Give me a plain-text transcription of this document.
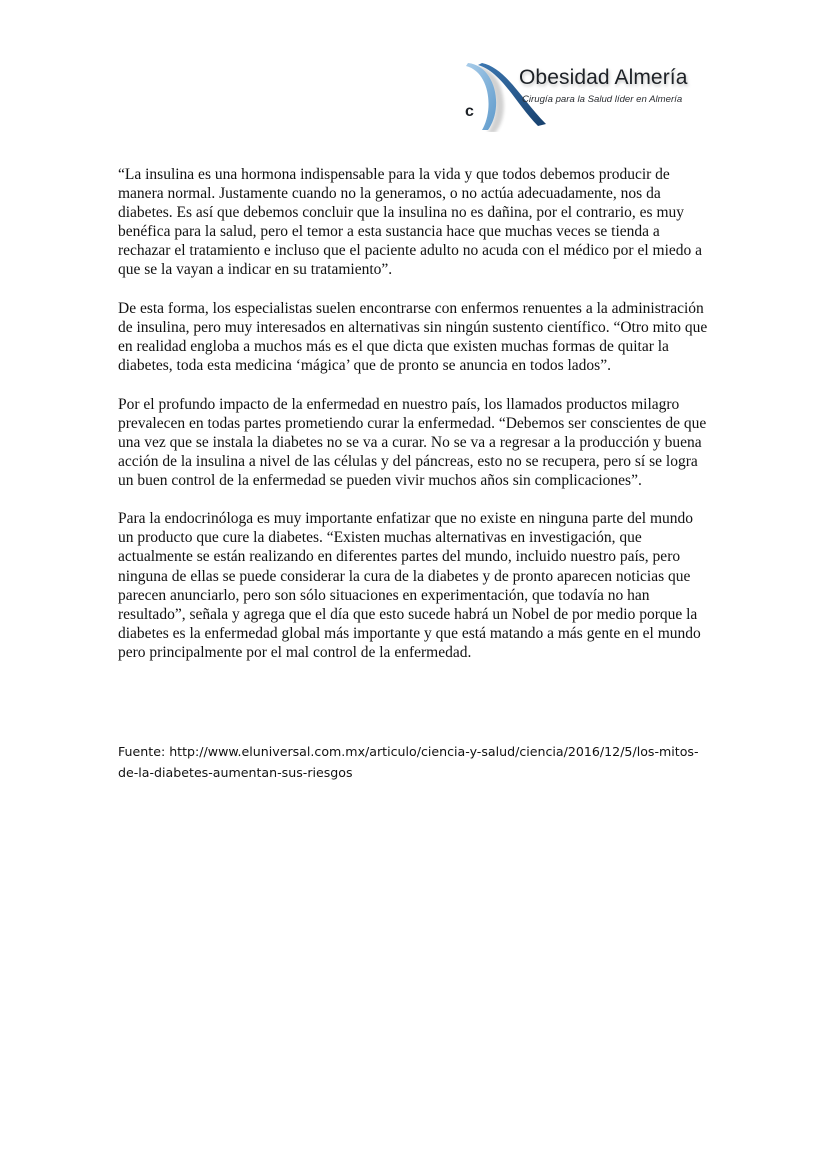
c
Obesidad Almería
Cirugía para la Salud líder en Almería

“La insulina es una hormona indispensable para la vida y que todos debemos producir de manera normal. Justamente cuando no la generamos, o no actúa adecuadamente, nos da diabetes. Es así que debemos concluir que la insulina no es dañina, por el contrario, es muy benéfica para la salud, pero el temor a esta sustancia hace que muchas veces se tienda a rechazar el tratamiento e incluso que el paciente adulto no acuda con el médico por el miedo a que se la vayan a indicar en su tratamiento”.

De esta forma, los especialistas suelen encontrarse con enfermos renuentes a la administración de insulina, pero muy interesados en alternativas sin ningún sustento científico. “Otro mito que en realidad engloba a muchos más es el que dicta que existen muchas formas de quitar la diabetes, toda esta medicina ‘mágica’ que de pronto se anuncia en todos lados”.

Por el profundo impacto de la enfermedad en nuestro país, los llamados productos milagro prevalecen en todas partes prometiendo curar la enfermedad. “Debemos ser conscientes de que una vez que se instala la diabetes no se va a curar. No se va a regresar a la producción y buena acción de la insulina a nivel de las células y del páncreas, esto no se recupera, pero sí se logra un buen control de la enfermedad se pueden vivir muchos años sin complicaciones”.

Para la endocrinóloga es muy importante enfatizar que no existe en ninguna parte del mundo un producto que cure la diabetes. “Existen muchas alternativas en investigación, que actualmente se están realizando en diferentes partes del mundo, incluido nuestro país, pero ninguna de ellas se puede considerar la cura de la diabetes y de pronto aparecen noticias que parecen anunciarlo, pero son sólo situaciones en experimentación, que todavía no han resultado”, señala y agrega que el día que esto sucede habrá un Nobel de por medio porque la diabetes es la enfermedad global más importante y que está matando a más gente en el mundo pero principalmente por el mal control de la enfermedad.

Fuente: http://www.eluniversal.com.mx/articulo/ciencia-y-salud/ciencia/2016/12/5/los-mitos-de-la-diabetes-aumentan-sus-riesgos
